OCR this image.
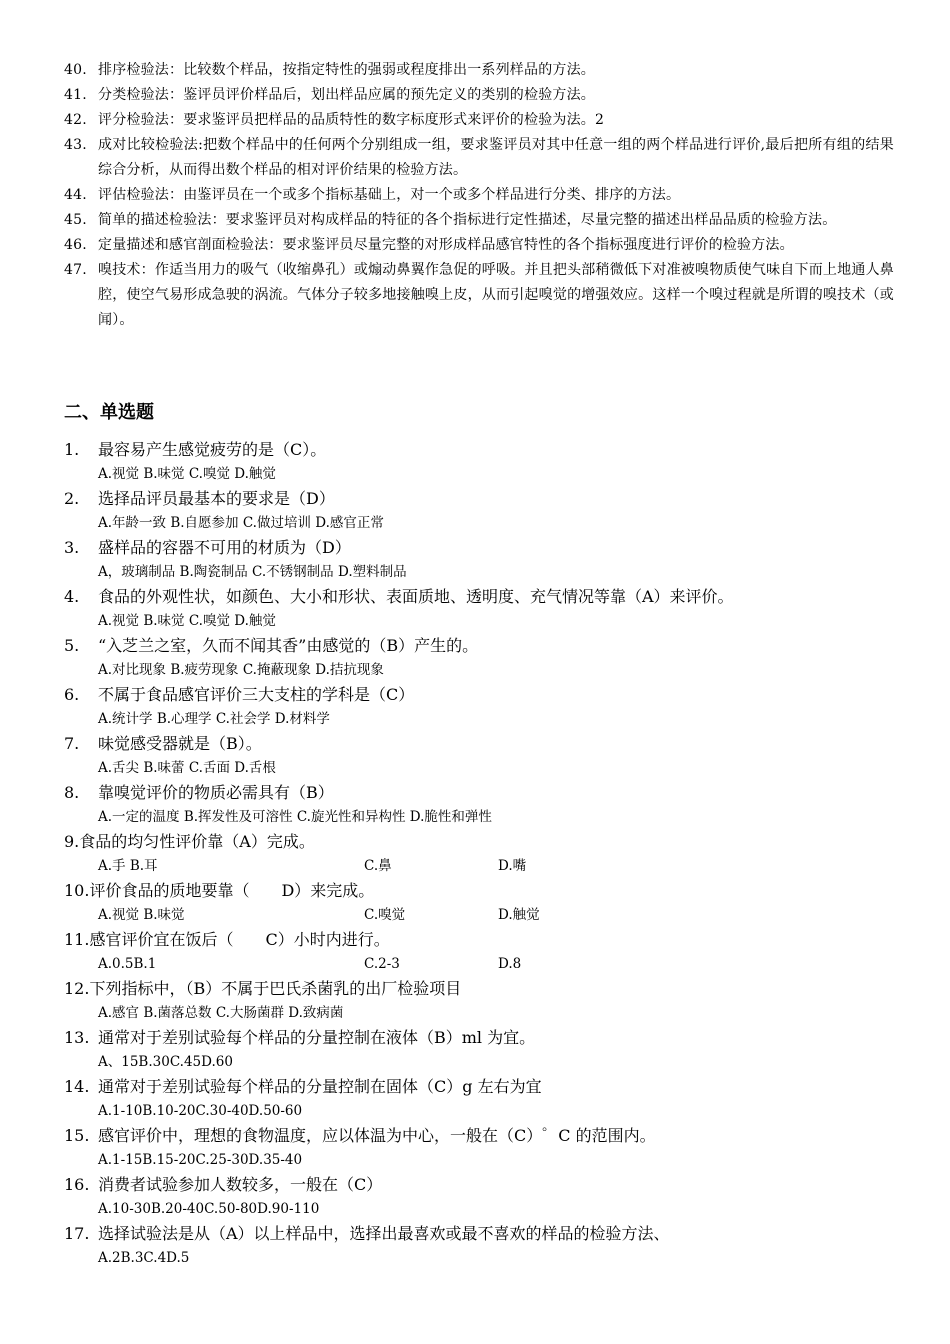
40. 排序检验法：比较数个样品，按指定特性的强弱或程度排出一系列样品的方法。
41. 分类检验法：鉴评员评价样品后，划出样品应属的预先定义的类别的检验方法。
42. 评分检验法：要求鉴评员把样品的品质特性的数字标度形式来评价的检验为法。2
43. 成对比较检验法:把数个样品中的任何两个分别组成一组，要求鉴评员对其中任意一组的两个样品进行评价,最后把所有组的结果综合分析，从而得出数个样品的相对评价结果的检验方法。
44. 评估检验法：由鉴评员在一个或多个指标基础上，对一个或多个样品进行分类、排序的方法。
45. 简单的描述检验法：要求鉴评员对构成样品的特征的各个指标进行定性描述，尽量完整的描述出样品品质的检验方法。
46. 定量描述和感官剖面检验法：要求鉴评员尽量完整的对形成样品感官特性的各个指标强度进行评价的检验方法。
47. 嗅技术：作适当用力的吸气（收缩鼻孔）或煽动鼻翼作急促的呼吸。并且把头部稍微低下对准被嗅物质使气味自下而上地通人鼻腔，使空气易形成急驶的涡流。气体分子较多地接触嗅上皮，从而引起嗅觉的增强效应。这样一个嗅过程就是所谓的嗅技术（或闻）。
二、单选题
1.	最容易产生感觉疲劳的是（C）。
A.视觉 B.味觉 C.嗅觉 D.触觉
2.	选择品评员最基本的要求是（D）
A.年龄一致 B.自愿参加 C.做过培训 D.感官正常
3.	盛样品的容器不可用的材质为（D）
A，玻璃制品 B.陶瓷制品 C.不锈钢制品 D.塑料制品
4.	食品的外观性状，如颜色、大小和形状、表面质地、透明度、充气情况等靠（A）来评价。
A.视觉 B.味觉 C.嗅觉 D.触觉
5.	“入芝兰之室，久而不闻其香”由感觉的（B）产生的。
A.对比现象 B.疲劳现象 C.掩蔽现象 D.拮抗现象
6.	不属于食品感官评价三大支柱的学科是（C）
A.统计学 B.心理学 C.社会学 D.材料学
7.	味觉感受器就是（B）。
A.舌尖 B.味蕾 C.舌面 D.舌根
8.	靠嗅觉评价的物质必需具有（B）
A.一定的温度 B.挥发性及可溶性 C.旋光性和异构性 D.脆性和弹性
9.食品的均匀性评价靠（A）完成。
A.手 B.耳	C.鼻	D.嘴
10.评价食品的质地要靠（　　D）来完成。
A.视觉 B.味觉	C.嗅觉	D.触觉
11.感官评价宜在饭后（　　C）小时内进行。
A.0.5B.1	C.2-3	D.8
12.下列指标中，（B）不属于巴氏杀菌乳的出厂检验项目
A.感官 B.菌落总数 C.大肠菌群 D.致病菌
13. 通常对于差别试验每个样品的分量控制在液体（B）ml 为宜。
A、15B.30C.45D.60
14. 通常对于差别试验每个样品的分量控制在固体（C）g 左右为宜
A.1-10B.10-20C.30-40D.50-60
15. 感官评价中，理想的食物温度，应以体温为中心，一般在（C）゜C 的范围内。
A.1-15B.15-20C.25-30D.35-40
16. 消费者试验参加人数较多，一般在（C）
A.10-30B.20-40C.50-80D.90-110
17. 选择试验法是从（A）以上样品中，选择出最喜欢或最不喜欢的样品的检验方法、
A.2B.3C.4D.5
